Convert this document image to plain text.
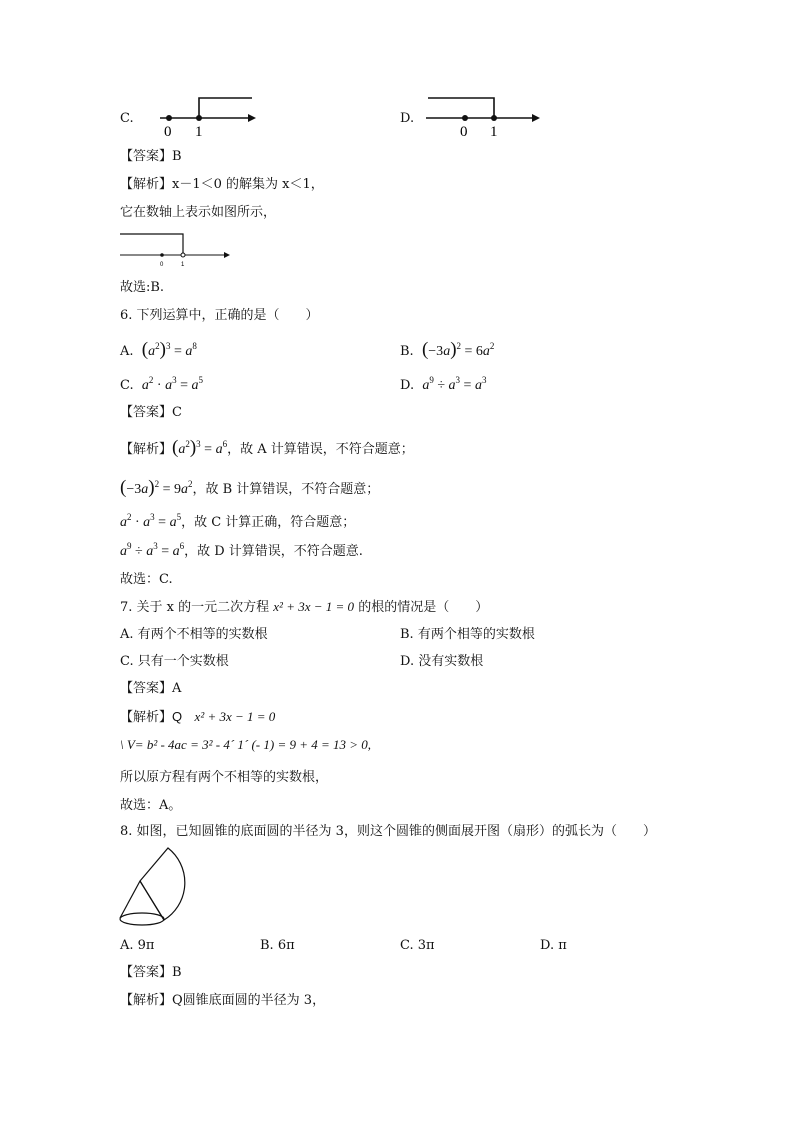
C.
0 1
D.
0 1
【答案】B
【解析】x－1＜0 的解集为 x＜1，
它在数轴上表示如图所示，
0	1
故选:B.
6. 下列运算中，正确的是（　　）
A. $(a^2)^3 = a^8$	B. $(-3a)^2 = 6a^2$
C. $a^2 \cdot a^3 = a^5$	D. $a^9 \div a^3 = a^3$
【答案】C
【解析】$(a^2)^3 = a^6$，故 A 计算错误，不符合题意；
$(-3a)^2 = 9a^2$，故 B 计算错误，不符合题意；
$a^2 \cdot a^3 = a^5$，故 C 计算正确，符合题意；
$a^9 \div a^3 = a^6$，故 D 计算错误，不符合题意.
故选：C.
7. 关于 x 的一元二次方程 x² + 3x − 1 = 0 的根的情况是（　　）
A. 有两个不相等的实数根	B. 有两个相等的实数根
C. 只有一个实数根	D. 没有实数根
【答案】A
【解析】Q x² + 3x − 1 = 0
\ V= b² - 4ac = 3² - 4´ 1´ (- 1) = 9 + 4 = 13 > 0,
所以原方程有两个不相等的实数根，
故选：A。
8. 如图，已知圆锥的底面圆的半径为 3，则这个圆锥的侧面展开图（扇形）的弧长为（　　）
A. 9π	B. 6π	C. 3π	D. π
【答案】B
【解析】Q圆锥底面圆的半径为 3，
